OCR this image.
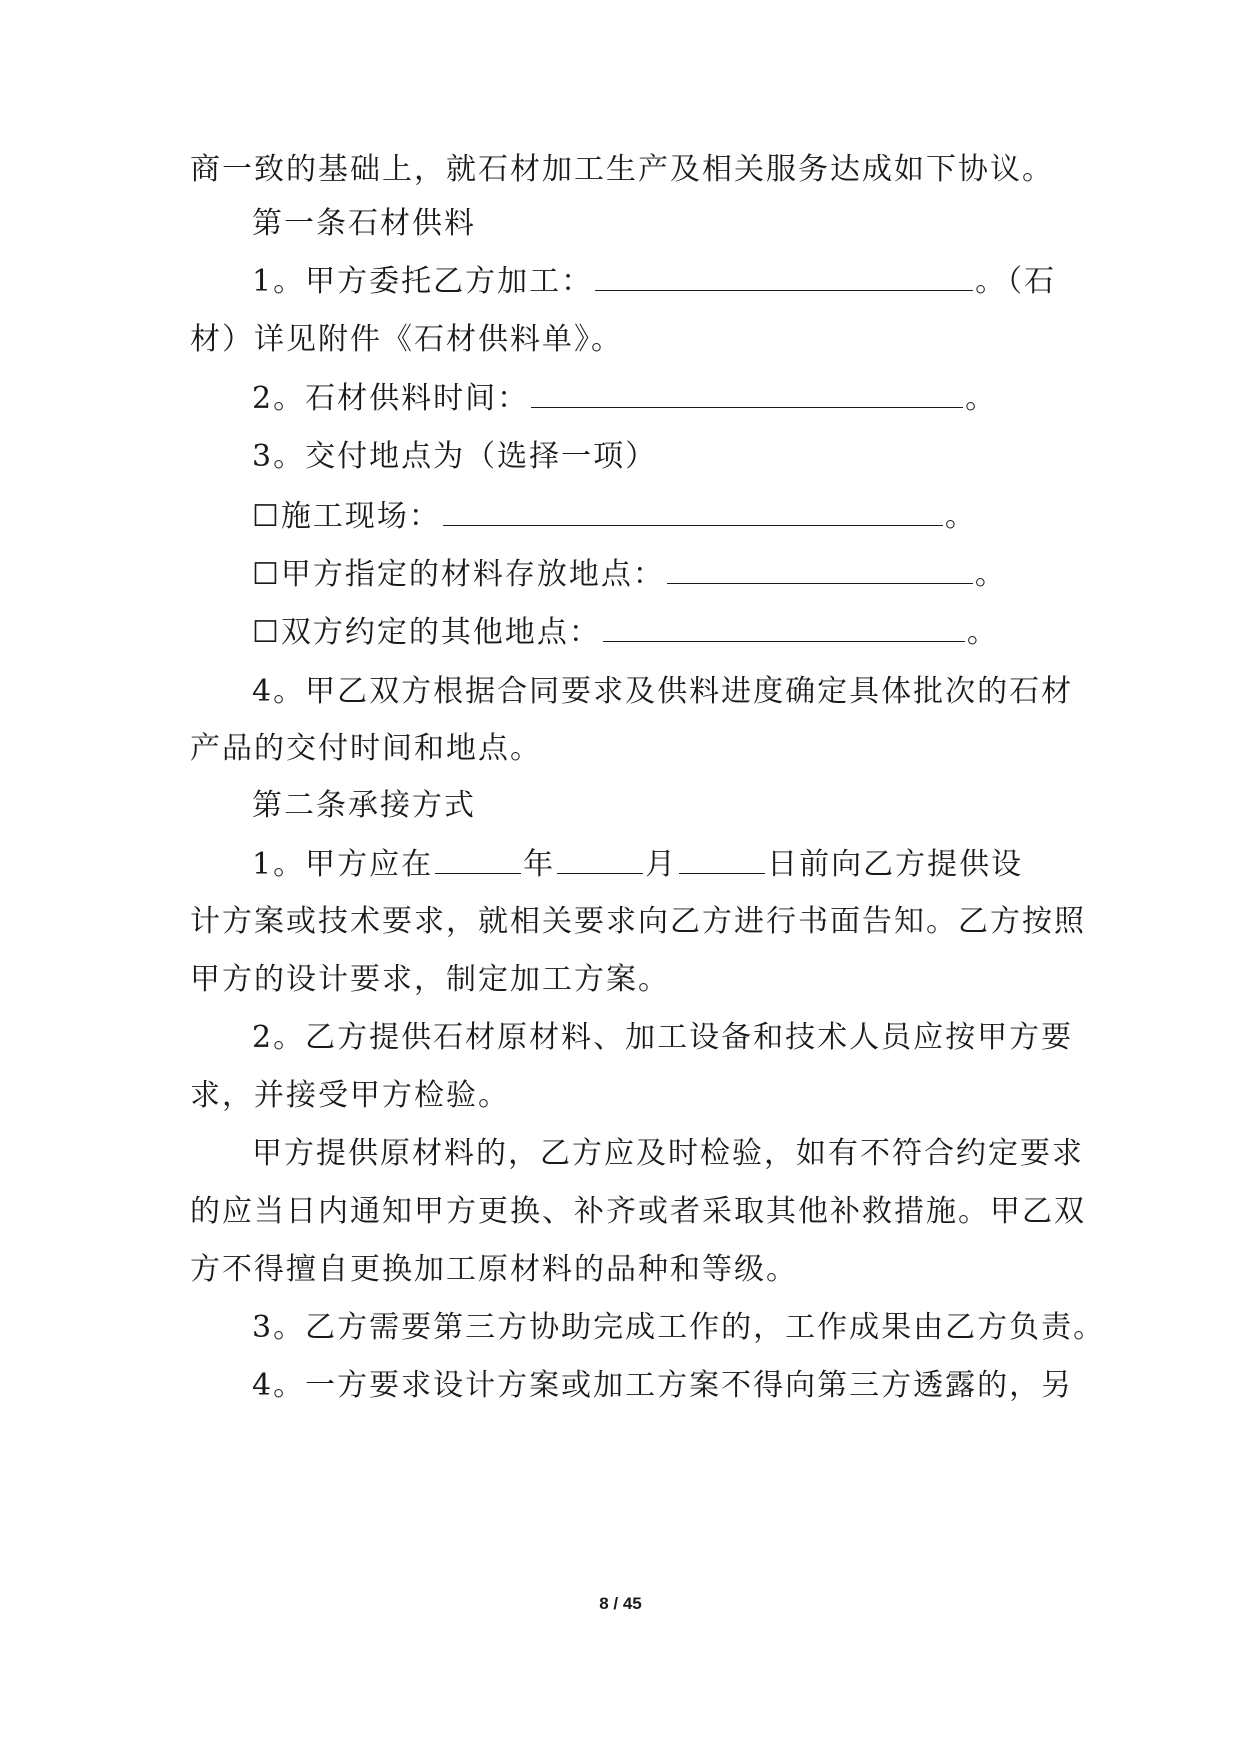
商一致的基础上，就石材加工生产及相关服务达成如下协议。
第一条石材供料
1。甲方委托乙方加工：	。（石
材）详见附件《石材供料单》。
2。石材供料时间：	。
3。交付地点为（选择一项）
☐施工现场：	。
☐甲方指定的材料存放地点：	。
☐双方约定的其他地点：	。
4。甲乙双方根据合同要求及供料进度确定具体批次的石材
产品的交付时间和地点。
第二条承接方式
1。甲方应在	年	月	日前向乙方提供设
计方案或技术要求，就相关要求向乙方进行书面告知。乙方按照
甲方的设计要求，制定加工方案。
2。乙方提供石材原材料、加工设备和技术人员应按甲方要
求，并接受甲方检验。
甲方提供原材料的，乙方应及时检验，如有不符合约定要求
的应当日内通知甲方更换、补齐或者采取其他补救措施。甲乙双
方不得擅自更换加工原材料的品种和等级。
3。乙方需要第三方协助完成工作的，工作成果由乙方负责。
4。一方要求设计方案或加工方案不得向第三方透露的，另
8 / 45
